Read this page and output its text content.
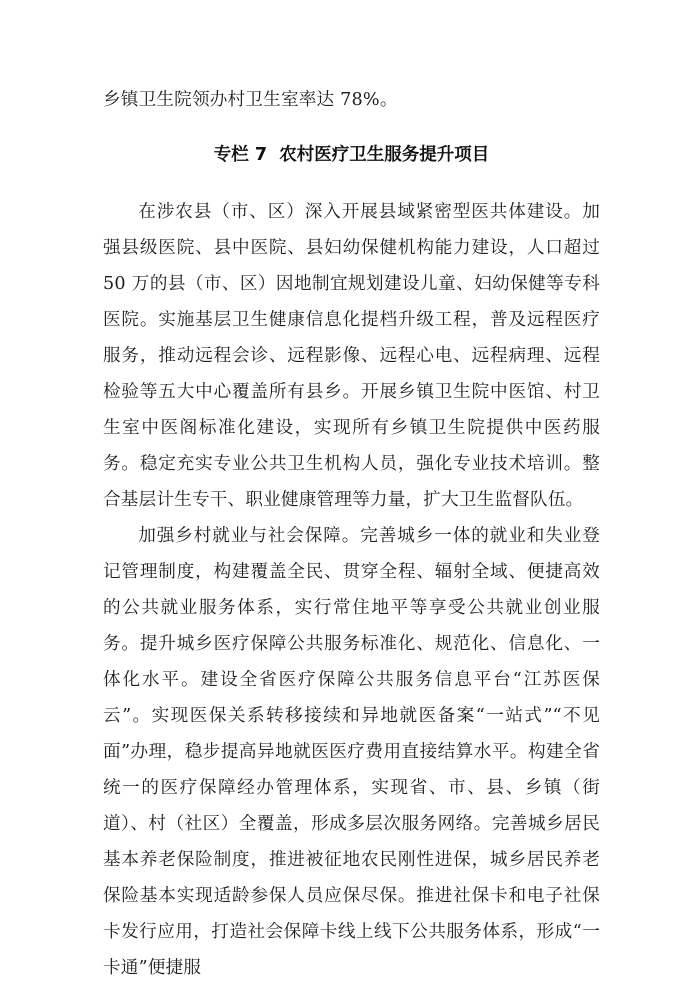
乡镇卫生院领办村卫生室率达 78%。

专栏 7  农村医疗卫生服务提升项目

在涉农县（市、区）深入开展县域紧密型医共体建设。加强县级医院、县中医院、县妇幼保健机构能力建设，人口超过 50 万的县（市、区）因地制宜规划建设儿童、妇幼保健等专科医院。实施基层卫生健康信息化提档升级工程，普及远程医疗服务，推动远程会诊、远程影像、远程心电、远程病理、远程检验等五大中心覆盖所有县乡。开展乡镇卫生院中医馆、村卫生室中医阁标准化建设，实现所有乡镇卫生院提供中医药服务。稳定充实专业公共卫生机构人员，强化专业技术培训。整合基层计生专干、职业健康管理等力量，扩大卫生监督队伍。

加强乡村就业与社会保障。完善城乡一体的就业和失业登记管理制度，构建覆盖全民、贯穿全程、辐射全域、便捷高效的公共就业服务体系，实行常住地平等享受公共就业创业服务。提升城乡医疗保障公共服务标准化、规范化、信息化、一体化水平。建设全省医疗保障公共服务信息平台“江苏医保云”。实现医保关系转移接续和异地就医备案“一站式”“不见面”办理，稳步提高异地就医医疗费用直接结算水平。构建全省统一的医疗保障经办管理体系，实现省、市、县、乡镇（街道）、村（社区）全覆盖，形成多层次服务网络。完善城乡居民基本养老保险制度，推进被征地农民刚性进保，城乡居民养老保险基本实现适龄参保人员应保尽保。推进社保卡和电子社保卡发行应用，打造社会保障卡线上线下公共服务体系，形成“一卡通”便捷服
